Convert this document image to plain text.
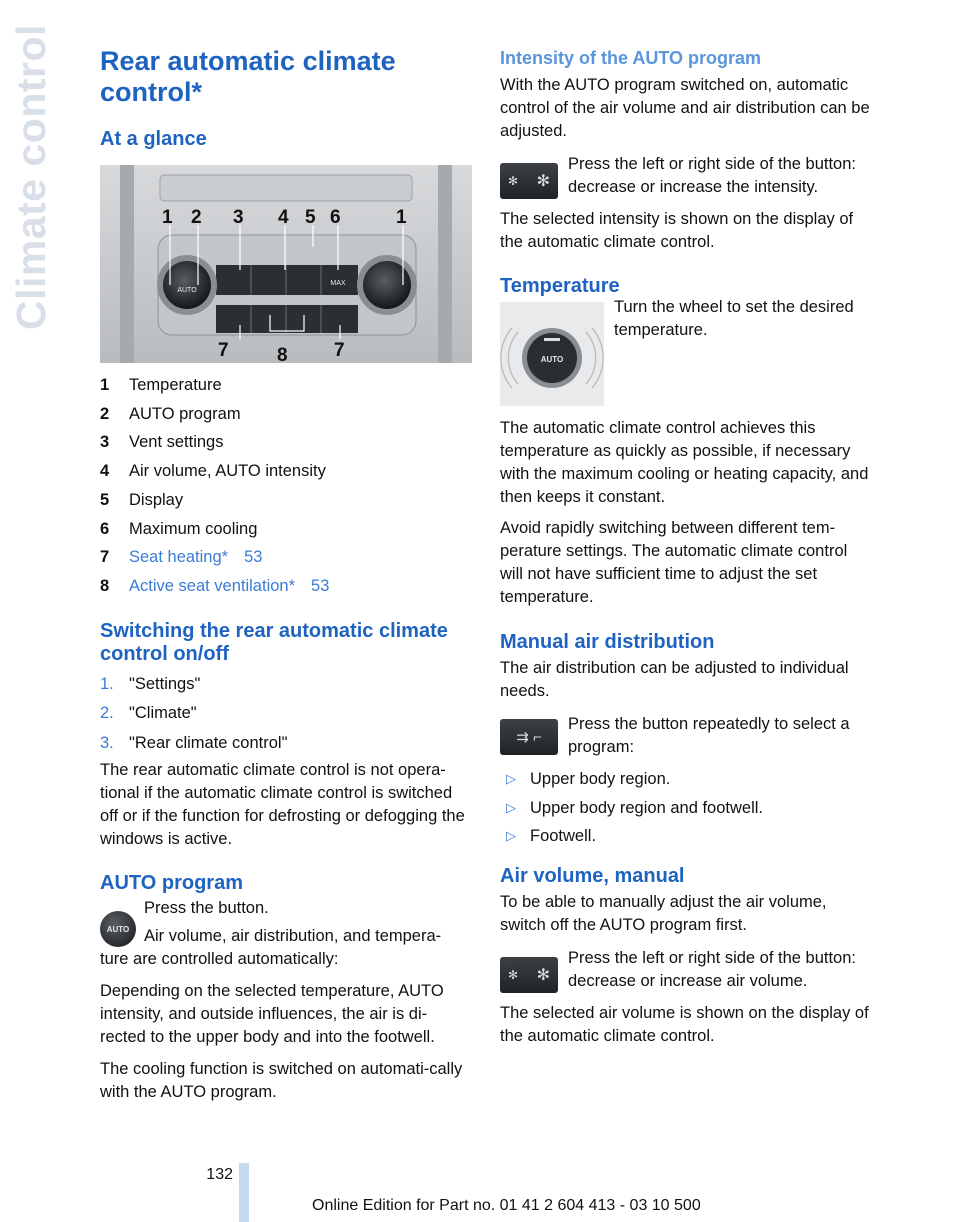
Climate control Rear automatic climate control*
At a glance
AUTO
MAX
1 2 3 4 5 6	1
7	8 7
1	Temperature
2	AUTO program
3	Vent settings
4	Air volume, AUTO intensity
5	Display
6	Maximum cooling
7	Seat heating* 53
8	Active seat ventilation* 53
Switching the rear automatic climate control on/off
1. "Settings"
2. "Climate"
3. "Rear climate control"

The rear automatic climate control is not opera-tional if the automatic climate control is switched off or if the function for defrosting or defogging the windows is active.

AUTO program
AUTO

Press the button.

Air volume, air distribution, and tempera-

ture are controlled automatically:

Depending on the selected temperature, AUTO intensity, and outside influences, the air is di-rected to the upper body and into the footwell.

The cooling function is switched on automati-cally with the AUTO program.

Intensity of the AUTO program

With the AUTO program switched on, automatic control of the air volume and air distribution can be adjusted.

✻ ✻

Press the left or right side of the button: decrease or increase the intensity.

The selected intensity is shown on the display of the automatic climate control.

Temperature
AUTO

Turn the wheel to set the desired temperature.

The automatic climate control achieves this temperature as quickly as possible, if necessary with the maximum cooling or heating capacity, and then keeps it constant.

Avoid rapidly switching between different tem-perature settings. The automatic climate control will not have sufficient time to adjust the set temperature.

Manual air distribution

The air distribution can be adjusted to individual needs.

⇉ ⌐

Press the button repeatedly to select a program:

▷ Upper body region.
▷ Upper body region and footwell.
▷ Footwell.
Air volume, manual

To be able to manually adjust the air volume, switch off the AUTO program first.

✻ ✻

Press the left or right side of the button: decrease or increase air volume.

The selected air volume is shown on the display of the automatic climate control.

132
Online Edition for Part no. 01 41 2 604 413 - 03 10 500
